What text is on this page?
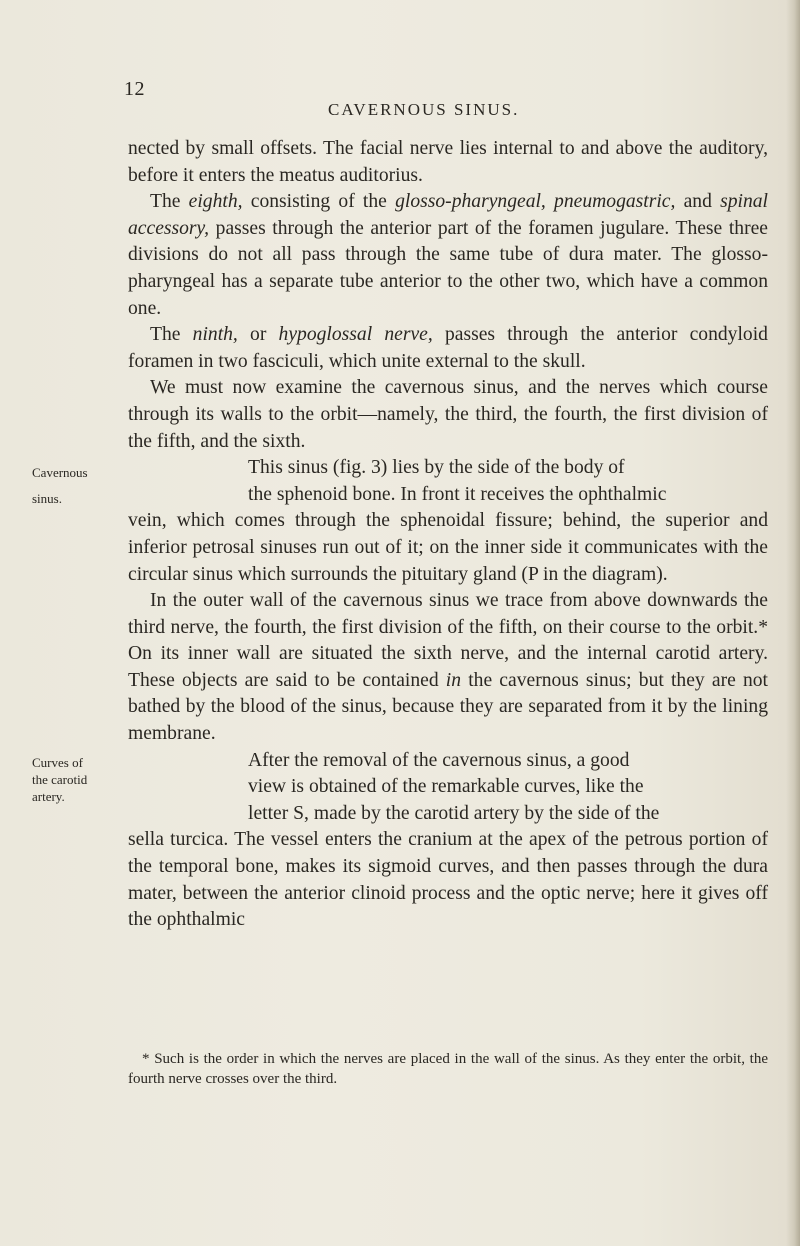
12
CAVERNOUS SINUS.

nected by small offsets. The facial nerve lies internal to and above the auditory, before it enters the meatus auditorius.

The eighth, consisting of the glosso-pharyngeal, pneumogastric, and spinal accessory, passes through the anterior part of the foramen jugulare. These three divisions do not all pass through the same tube of dura mater. The glosso-pharyngeal has a separate tube anterior to the other two, which have a common one.

The ninth, or hypoglossal nerve, passes through the anterior condyloid foramen in two fasciculi, which unite external to the skull.

We must now examine the cavernous sinus, and the nerves which course through its walls to the orbit—namely, the third, the fourth, the first division of the fifth, and the sixth.

Cavernous
sinus.

This sinus (fig. 3) lies by the side of the body of

the sphenoid bone. In front it receives the ophthalmic

vein, which comes through the sphenoidal fissure; behind, the superior and inferior petrosal sinuses run out of it; on the inner side it communicates with the circular sinus which surrounds the pituitary gland (P in the diagram).

In the outer wall of the cavernous sinus we trace from above downwards the third nerve, the fourth, the first division of the fifth, on their course to the orbit.* On its inner wall are situated the sixth nerve, and the internal carotid artery. These objects are said to be contained in the cavernous sinus; but they are not bathed by the blood of the sinus, because they are separated from it by the lining membrane.

Curves of
the carotid
artery.

After the removal of the cavernous sinus, a good

view is obtained of the remarkable curves, like the

letter S, made by the carotid artery by the side of the

sella turcica. The vessel enters the cranium at the apex of the petrous portion of the temporal bone, makes its sigmoid curves, and then passes through the dura mater, between the anterior clinoid process and the optic nerve; here it gives off the ophthalmic

* Such is the order in which the nerves are placed in the wall of the sinus. As they enter the orbit, the fourth nerve crosses over the third.
